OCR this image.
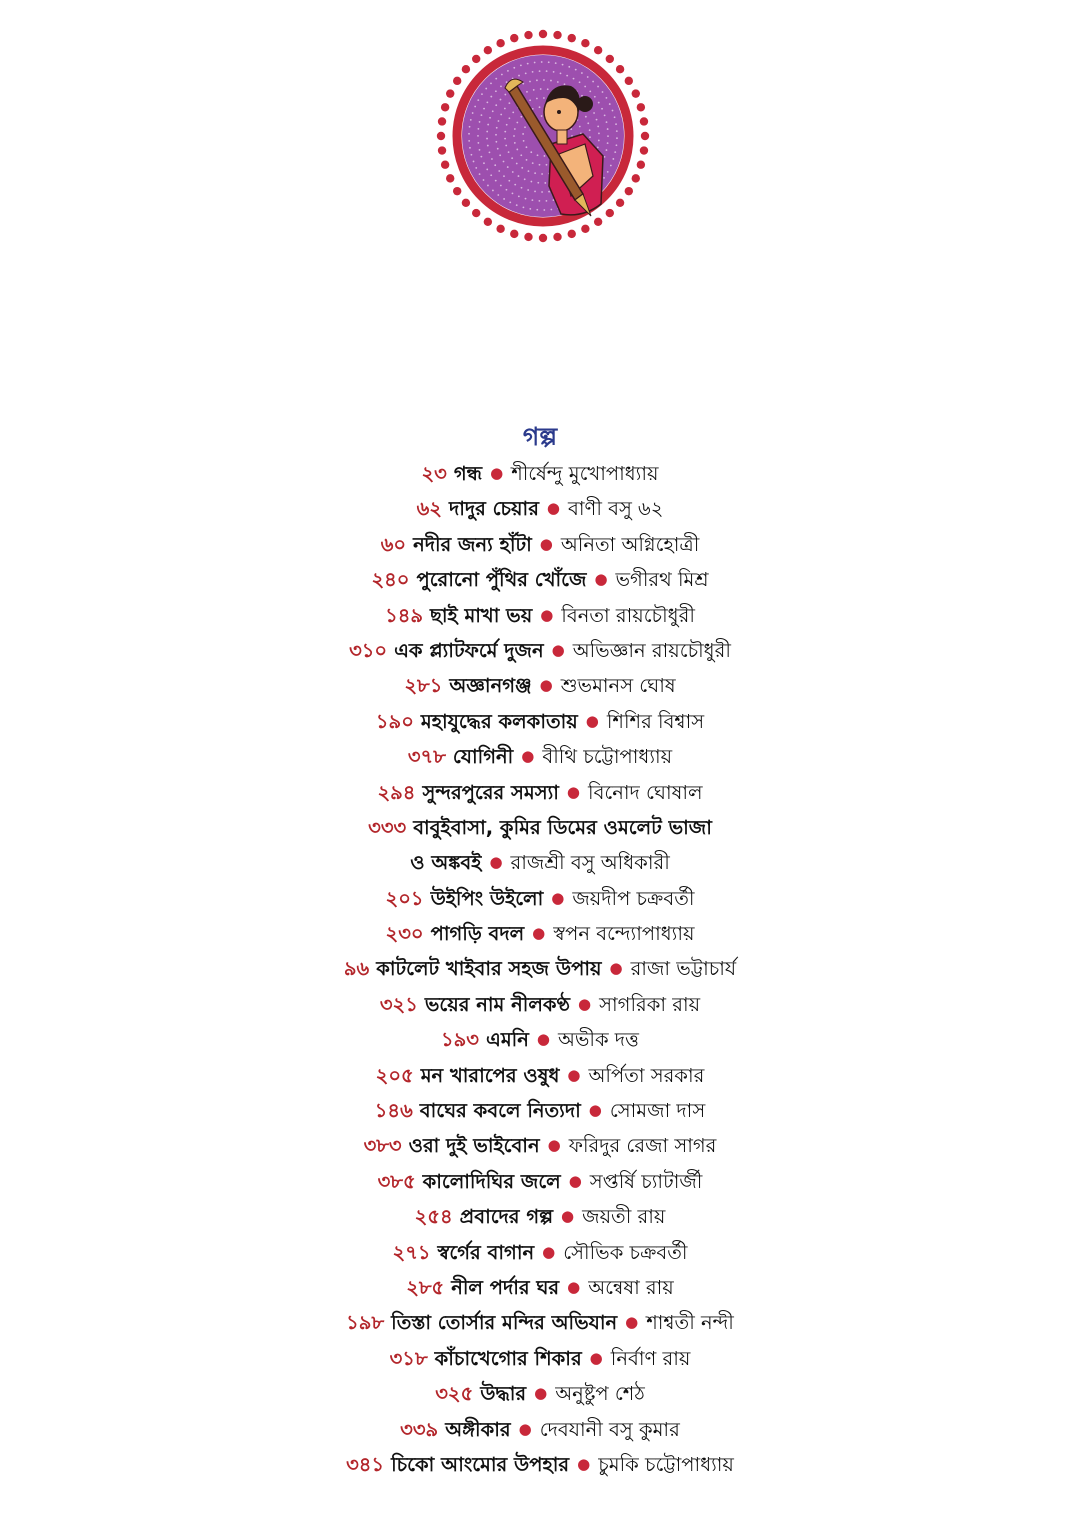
গল্প
২৩ গন্ধ ● শীর্ষেন্দু মুখোপাধ্যায়
৬২ দাদুর চেয়ার ● বাণী বসু ৬২
৬০ নদীর জন্য হাঁটা ● অনিতা অগ্নিহোত্রী
২৪০ পুরোনো পুঁথির খোঁজে ● ভগীরথ মিশ্র
১৪৯ ছাই মাখা ভয় ● বিনতা রায়চৌধুরী
৩১০ এক প্ল্যাটফর্মে দুজন ● অভিজ্ঞান রায়চৌধুরী
২৮১ অজ্ঞানগঞ্জ ● শুভমানস ঘোষ
১৯০ মহাযুদ্ধের কলকাতায় ● শিশির বিশ্বাস
৩৭৮ যোগিনী ● বীথি চট্টোপাধ্যায়
২৯৪ সুন্দরপুরের সমস্যা ● বিনোদ ঘোষাল
৩৩৩ বাবুইবাসা, কুমির ডিমের ওমলেট ভাজা
ও অঙ্কবই ● রাজশ্রী বসু অধিকারী
২০১ উইপিং উইলো ● জয়দীপ চক্রবর্তী
২৩০ পাগড়ি বদল ● স্বপন বন্দ্যোপাধ্যায়
৯৬ কাটলেট খাইবার সহজ উপায় ● রাজা ভট্টাচার্য
৩২১ ভয়ের নাম নীলকণ্ঠ ● সাগরিকা রায়
১৯৩ এমনি ● অভীক দত্ত
২০৫ মন খারাপের ওষুধ ● অর্পিতা সরকার
১৪৬ বাঘের কবলে নিত্যদা ● সোমজা দাস
৩৮৩ ওরা দুই ভাইবোন ● ফরিদুর রেজা সাগর
৩৮৫ কালোদিঘির জলে ● সপ্তর্ষি চ্যাটার্জী
২৫৪ প্রবাদের গল্প ● জয়তী রায়
২৭১ স্বর্গের বাগান ● সৌভিক চক্রবর্তী
২৮৫ নীল পর্দার ঘর ● অন্বেষা রায়
১৯৮ তিস্তা তোর্সার মন্দির অভিযান ● শাশ্বতী নন্দী
৩১৮ কাঁচাখেগোর শিকার ● নির্বাণ রায়
৩২৫ উদ্ধার ● অনুষ্টুপ শেঠ
৩৩৯ অঙ্গীকার ● দেবযানী বসু কুমার
৩৪১ চিকো আংমোর উপহার ● চুমকি চট্টোপাধ্যায়
